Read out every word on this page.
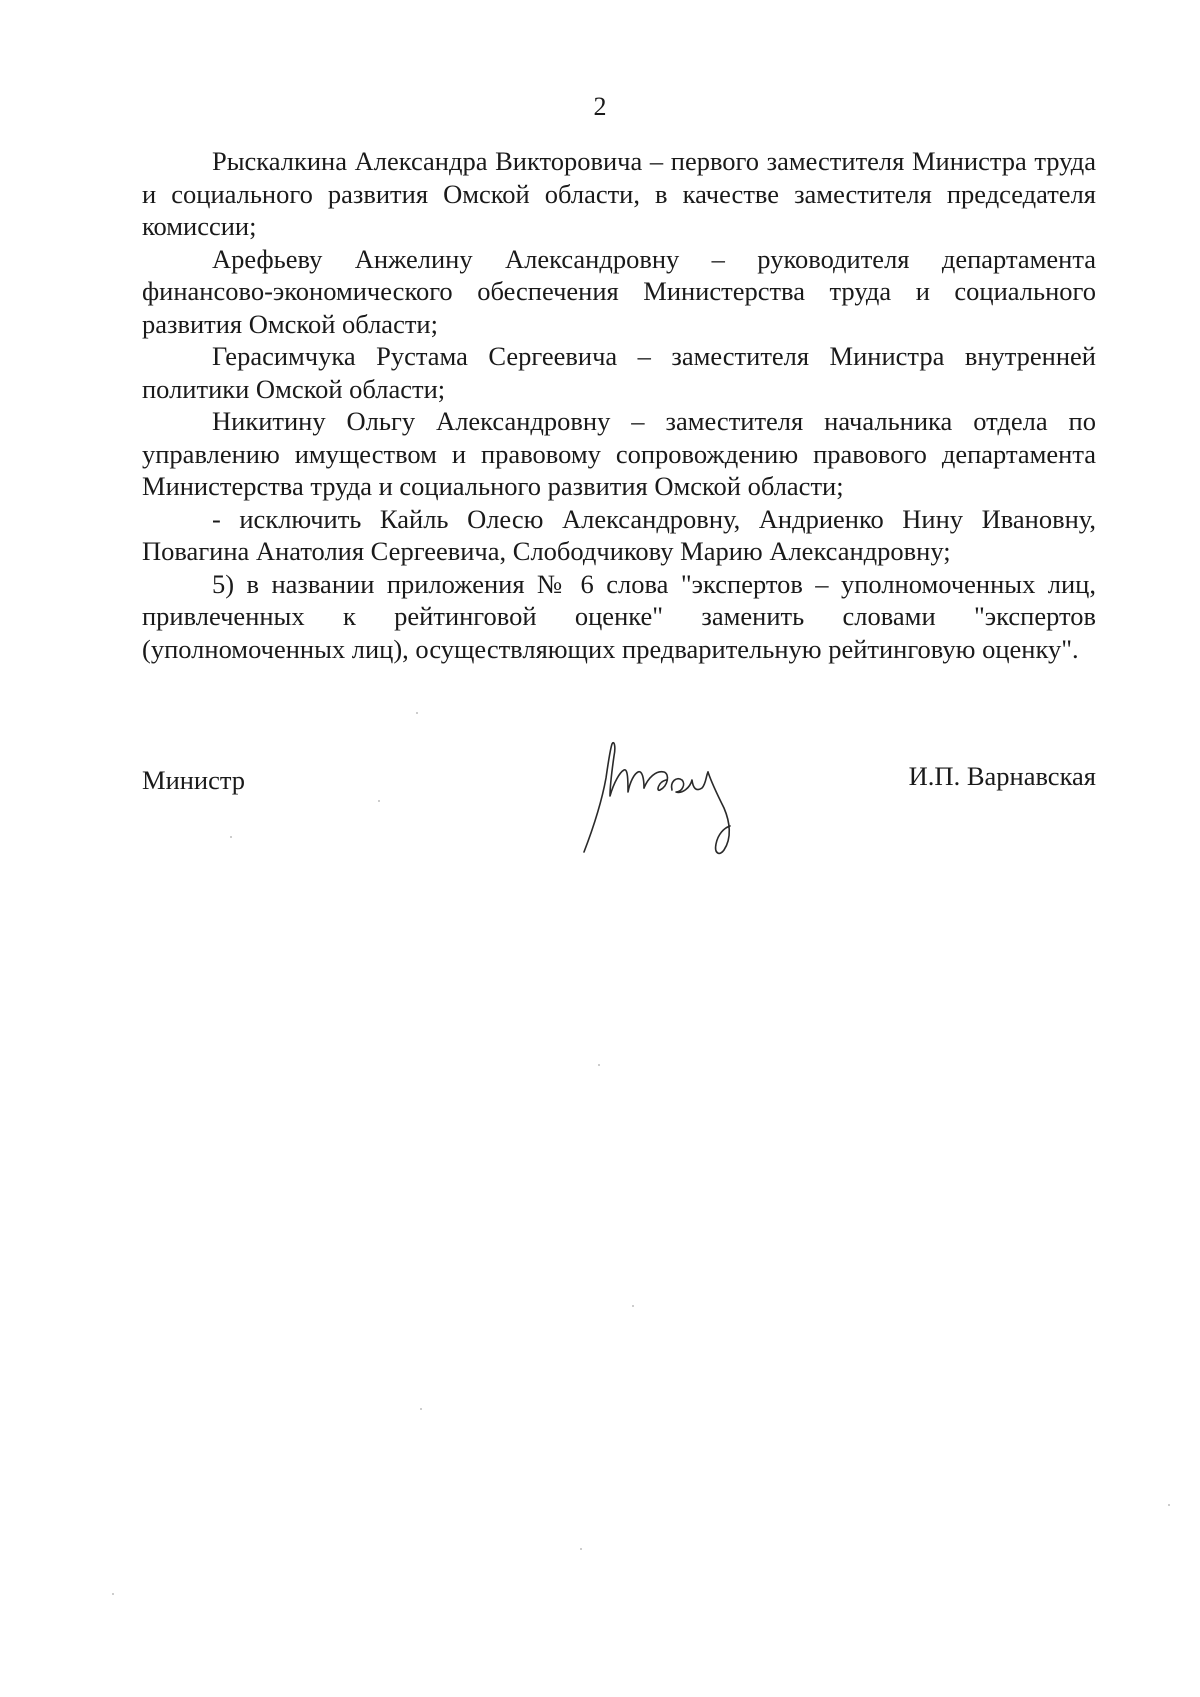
2

Рыскалкина Александра Викторовича – первого заместителя Министра труда и социального развития Омской области, в качестве заместителя председателя комиссии;

Арефьеву Анжелину Александровну – руководителя департамента финансово-экономического обеспечения Министерства труда и социального развития Омской области;

Герасимчука Рустама Сергеевича – заместителя Министра внутренней политики Омской области;

Никитину Ольгу Александровну – заместителя начальника отдела по управлению имуществом и правовому сопровождению правового департамента Министерства труда и социального развития Омской области;

- исключить Кайль Олесю Александровну, Андриенко Нину Ивановну, Повагина Анатолия Сергеевича, Слободчикову Марию Александровну;

5) в названии приложения № 6 слова "экспертов – уполномоченных лиц, привлеченных к рейтинговой оценке" заменить словами "экспертов (уполномоченных лиц), осуществляющих предварительную рейтинговую оценку".

Министр	И.П. Варнавская
